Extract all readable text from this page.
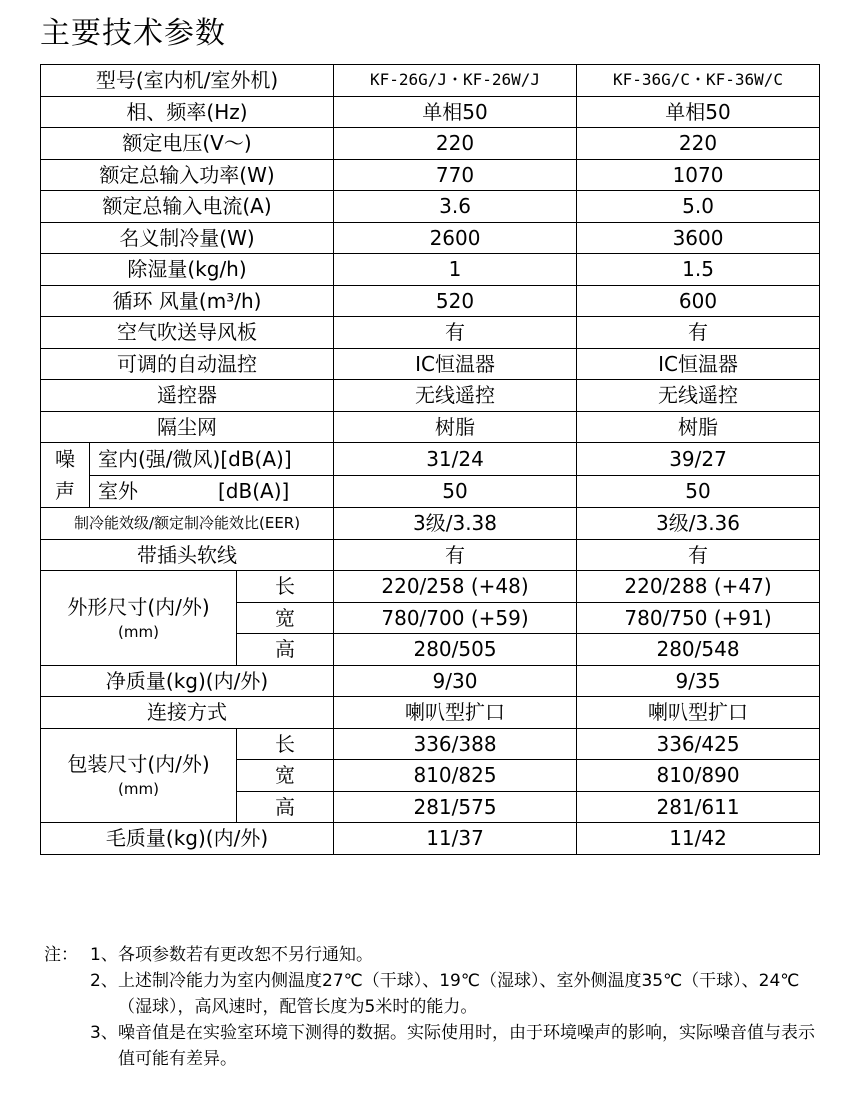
主要技术参数
型号(室内机/室外机)			KF-26G/J・KF-26W/J	KF-36G/C・KF-36W/C
相、频率(Hz)			单相50	单相50
额定电压(V〜)			220	220
额定总输入功率(W)			770	1070
额定总输入电流(A)			3.6	5.0
名义制冷量(W)			2600	3600
除湿量(kg/h)			1	1.5
循环 风量(m³/h)			520	600
空气吹送导风板			有	有
可调的自动温控			IC恒温器	IC恒温器
遥控器			无线遥控	无线遥控
隔尘网			树脂	树脂
噪声	室内(强/微风)[dB(A)]		31/24	39/27
	室外　　　　[dB(A)]		50	50
制冷能效级/额定制冷能效比(EER)			3级/3.38	3级/3.36
带插头软线			有	有

外形尺寸(内/外)
(mm)		长	220/258 (+48)	220/288 (+47)
		宽	780/700 (+59)	780/750 (+91)
		高	280/505	280/548
净质量(kg)(内/外)			9/30	9/35
连接方式			喇叭型扩口	喇叭型扩口

包装尺寸(内/外)
(mm)		长	336/388	336/425
		宽	810/825	810/890
		高	281/575	281/611
毛质量(kg)(内/外)			11/37	11/42
注： 1、 各项参数若有更改恕不另行通知。
2、 上述制冷能力为室内侧温度27℃（干球）、19℃（湿球）、室外侧温度35℃（干球）、24℃（湿球），高风速时，配管长度为5米时的能力。
3、 噪音值是在实验室环境下测得的数据。实际使用时，由于环境噪声的影响，实际噪音值与表示值可能有差异。
